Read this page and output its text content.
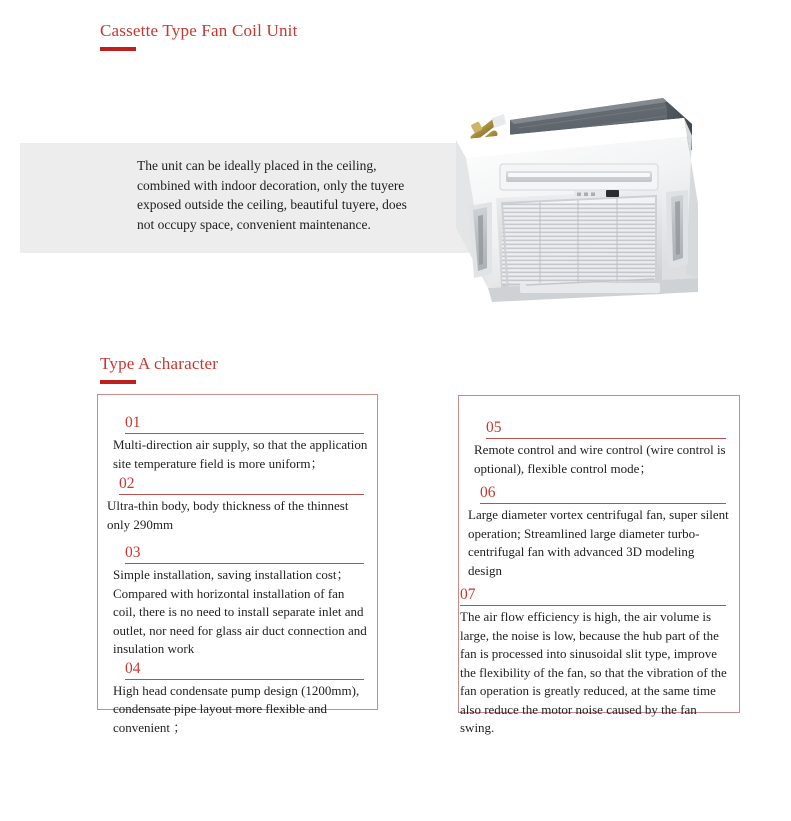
Cassette Type Fan Coil Unit
The unit can be ideally placed in the ceiling, combined with indoor decoration, only the tuyere exposed outside the ceiling, beautiful tuyere, does not occupy space, convenient maintenance.
Type A character
01
Multi-direction air supply, so that the application site temperature field is more uniform；
02
Ultra-thin body, body thickness of the thinnest only 290mm
03
Simple installation, saving installation cost；Compared with horizontal installation of fan coil, there is no need to install separate inlet and outlet, nor need for glass air duct connection and insulation work
04
High head condensate pump design (1200mm), condensate pipe layout more flexible and convenient ；
05
Remote control and wire control (wire control is optional), flexible control mode；
06
Large diameter vortex centrifugal fan, super silent operation; Streamlined large diameter turbo-centrifugal fan with advanced 3D modeling design
07
The air flow efficiency is high, the air volume is large, the noise is low, because the hub part of the fan is processed into sinusoidal slit type, improve the flexibility of the fan, so that the vibration of the fan operation is greatly reduced, at the same time also reduce the motor noise caused by the fan swing.
